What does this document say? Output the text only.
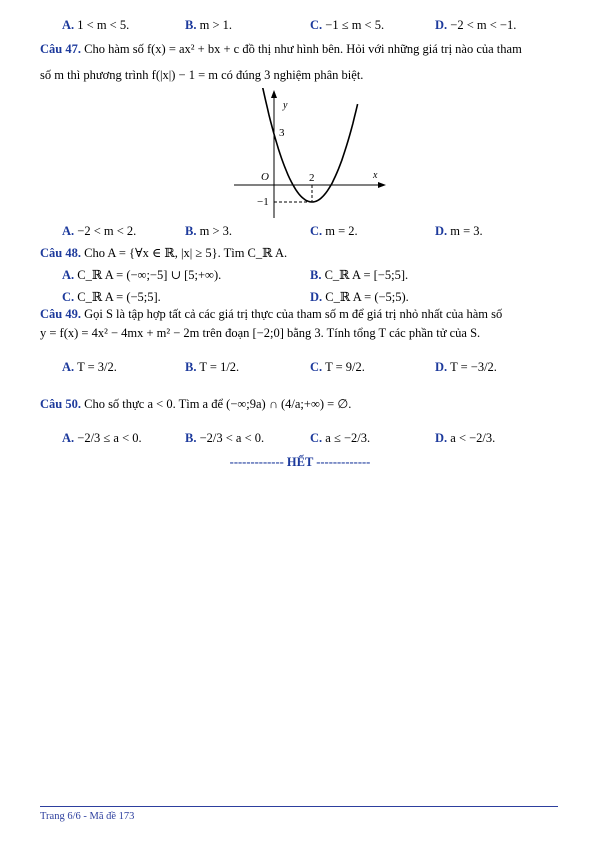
A. 1 < m < 5.	B. m > 1.	C. −1 ≤ m < 5.	D. −2 < m < −1.
Câu 47. Cho hàm số f(x) = ax² + bx + c đồ thị như hình bên. Hỏi với những giá trị nào của tham
số m thì phương trình f(|x|) − 1 = m có đúng 3 nghiệm phân biệt.
y
x
O
3
2
−1
A. −2 < m < 2.	B. m > 3.	C. m = 2.	D. m = 3.
Câu 48. Cho A = {∀x ∈ ℝ, |x| ≥ 5}. Tìm C_ℝ A.
A. C_ℝ A = (−∞;−5] ∪ [5;+∞).	B. C_ℝ A = [−5;5].
C. C_ℝ A = (−5;5].	D. C_ℝ A = (−5;5).
Câu 49. Gọi S là tập hợp tất cả các giá trị thực của tham số m để giá trị nhỏ nhất của hàm số
y = f(x) = 4x² − 4mx + m² − 2m trên đoạn [−2;0] bằng 3. Tính tổng T các phần tử của S.
A. T = 3/2.	B. T = 1/2.	C. T = 9/2.	D. T = −3/2.
Câu 50. Cho số thực a < 0. Tìm a để (−∞;9a) ∩ (4/a;+∞) = ∅.
A. −2/3 ≤ a < 0.	B. −2/3 < a < 0.	C. a ≤ −2/3.	D. a < −2/3.
------------- HẾT -------------
Trang 6/6 - Mã đề 173
